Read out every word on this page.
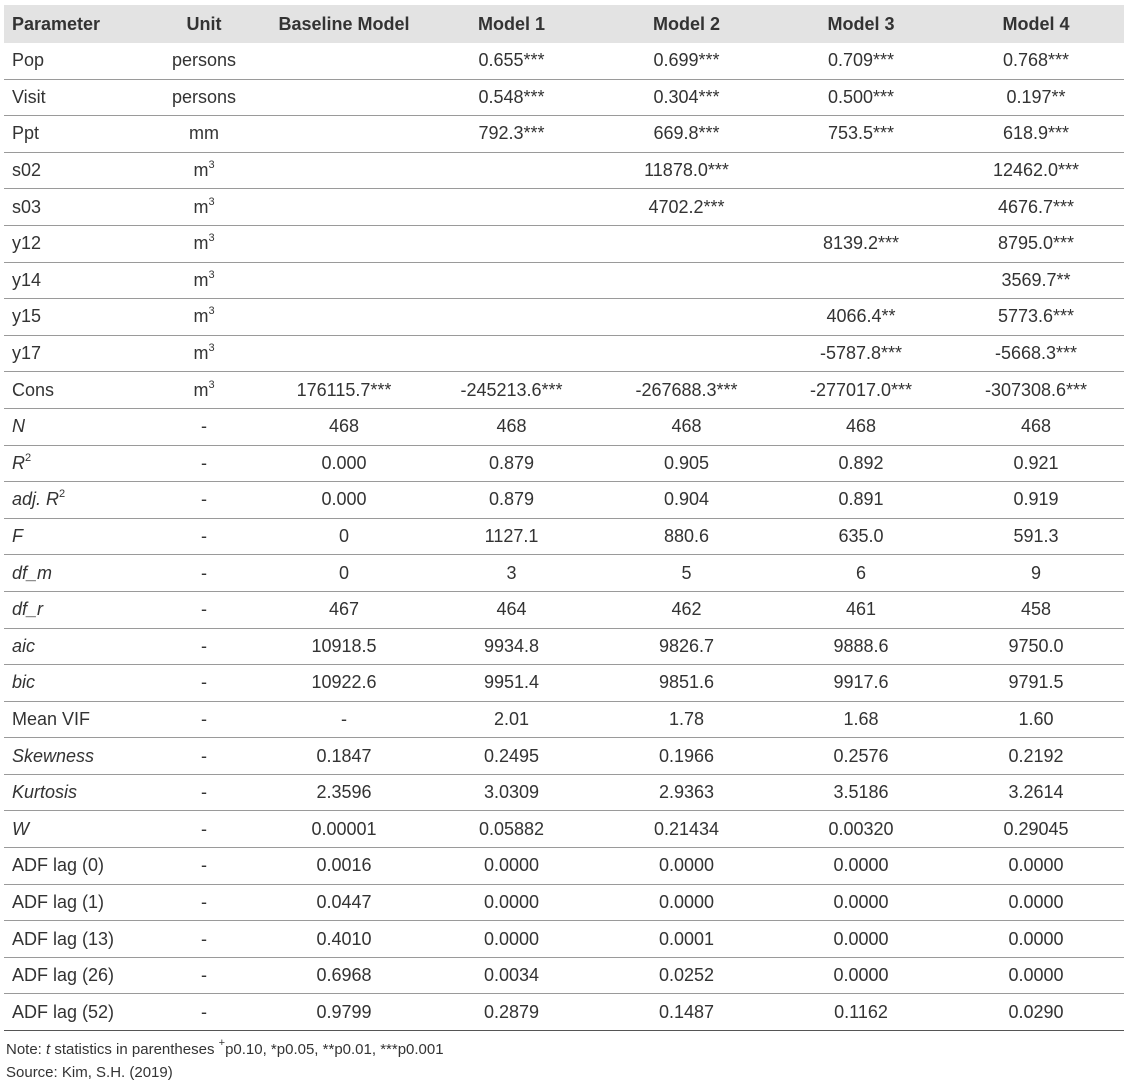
Parameter	Unit	Baseline Model	Model 1	Model 2	Model 3	Model 4
Pop	persons		0.655***	0.699***	0.709***	0.768***
Visit	persons		0.548***	0.304***	0.500***	0.197**
Ppt	mm		792.3***	669.8***	753.5***	618.9***
s02	$m^3$			11878.0***		12462.0***
s03	$m^3$			4702.2***		4676.7***
y12	$m^3$				8139.2***	8795.0***
y14	$m^3$					3569.7**
y15	$m^3$				4066.4**	5773.6***
y17	$m^3$				-5787.8***	-5668.3***
Cons	$m^3$	176115.7***	-245213.6***	-267688.3***	-277017.0***	-307308.6***
N	-	468	468	468	468	468
$R^2$	-	0.000	0.879	0.905	0.892	0.921
adj. $R^2$	-	0.000	0.879	0.904	0.891	0.919
F	-	0	1127.1	880.6	635.0	591.3
df_m	-	0	3	5	6	9
df_r	-	467	464	462	461	458
aic	-	10918.5	9934.8	9826.7	9888.6	9750.0
bic	-	10922.6	9951.4	9851.6	9917.6	9791.5
Mean VIF	-	-	2.01	1.78	1.68	1.60
Skewness	-	0.1847	0.2495	0.1966	0.2576	0.2192
Kurtosis	-	2.3596	3.0309	2.9363	3.5186	3.2614
W	-	0.00001	0.05882	0.21434	0.00320	0.29045
ADF lag (0)	-	0.0016	0.0000	0.0000	0.0000	0.0000
ADF lag (1)	-	0.0447	0.0000	0.0000	0.0000	0.0000
ADF lag (13)	-	0.4010	0.0000	0.0001	0.0000	0.0000
ADF lag (26)	-	0.6968	0.0034	0.0252	0.0000	0.0000
ADF lag (52)	-	0.9799	0.2879	0.1487	0.1162	0.0290
Note: t statistics in parentheses +p0.10, *p0.05, **p0.01, ***p0.001
Source: Kim, S.H. (2019)
